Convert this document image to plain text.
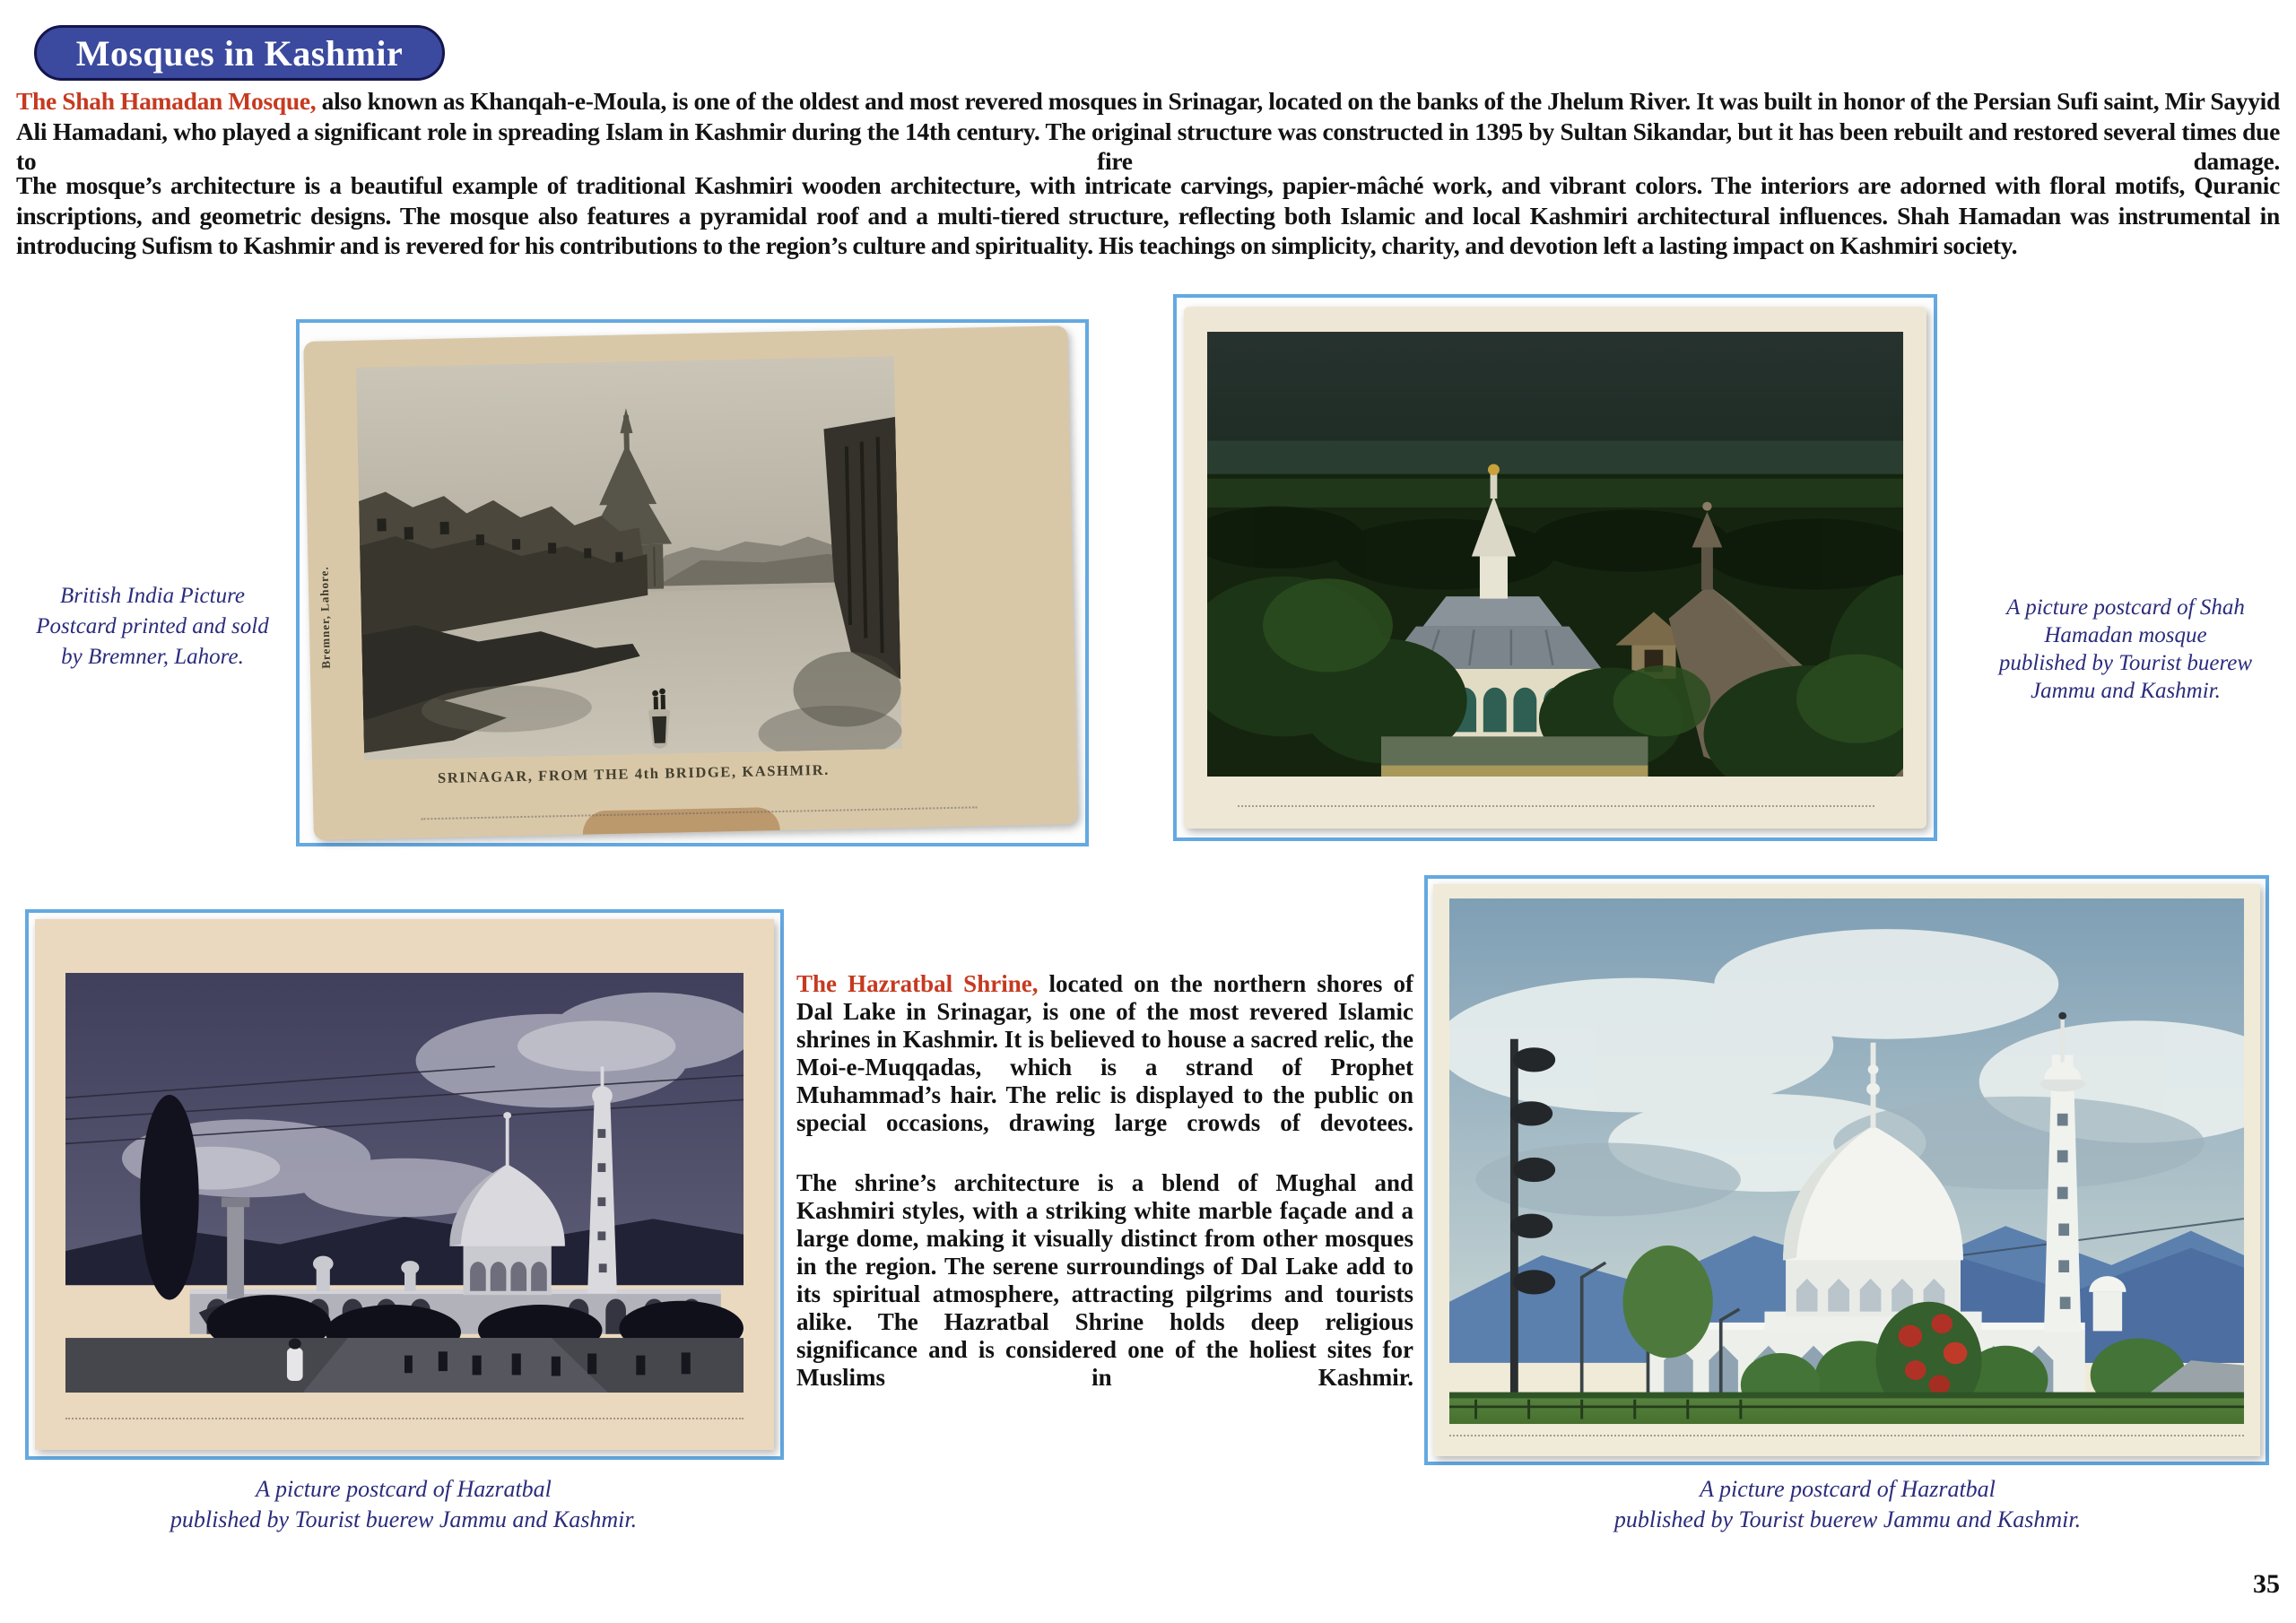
Mosques in Kashmir

The Shah Hamadan Mosque, also known as Khanqah-e-Moula, is one of the oldest and most revered mosques in Srinagar, located on the banks of the Jhelum River. It was built in honor of the Persian Sufi saint, Mir Sayyid Ali Hamadani, who played a significant role in spreading Islam in Kashmir during the 14th century. The original structure was constructed in 1395 by Sultan Sikandar, but it has been rebuilt and restored several times due to fire damage.

The mosque’s architecture is a beautiful example of traditional Kashmiri wooden architecture, with intricate carvings, papier-mâché work, and vibrant colors. The interiors are adorned with floral motifs, Quranic inscriptions, and geometric designs. The mosque also features a pyramidal roof and a multi-tiered structure, reflecting both Islamic and local Kashmiri architectural influences. Shah Hamadan was instrumental in introducing Sufism to Kashmir and is revered for his contributions to the region’s culture and spirituality. His teachings on simplicity, charity, and devotion left a lasting impact on Kashmiri society.

SRINAGAR, FROM THE 4th BRIDGE, KASHMIR.
Bremner, Lahore.

British India Picture
Postcard printed and sold
by Bremner, Lahore.

A picture postcard of Shah
Hamadan mosque
published by Tourist buerew
Jammu and Kashmir.

The Hazratbal Shrine, located on the northern shores of Dal Lake in Srinagar, is one of the most revered Islamic shrines in Kashmir. It is believed to house a sacred relic, the Moi-e-Muqqadas, which is a strand of Prophet Muhammad’s hair. The relic is displayed to the public on special occasions, drawing large crowds of devotees.

The shrine’s architecture is a blend of Mughal and Kashmiri styles, with a striking white marble façade and a large dome, making it visually distinct from other mosques in the region. The serene surroundings of Dal Lake add to its spiritual atmosphere, attracting pilgrims and tourists alike. The Hazratbal Shrine holds deep religious significance and is considered one of the holiest sites for Muslims in Kashmir.

A picture postcard of Hazratbal
published by Tourist buerew Jammu and Kashmir.

A picture postcard of Hazratbal
published by Tourist buerew Jammu and Kashmir.

35
